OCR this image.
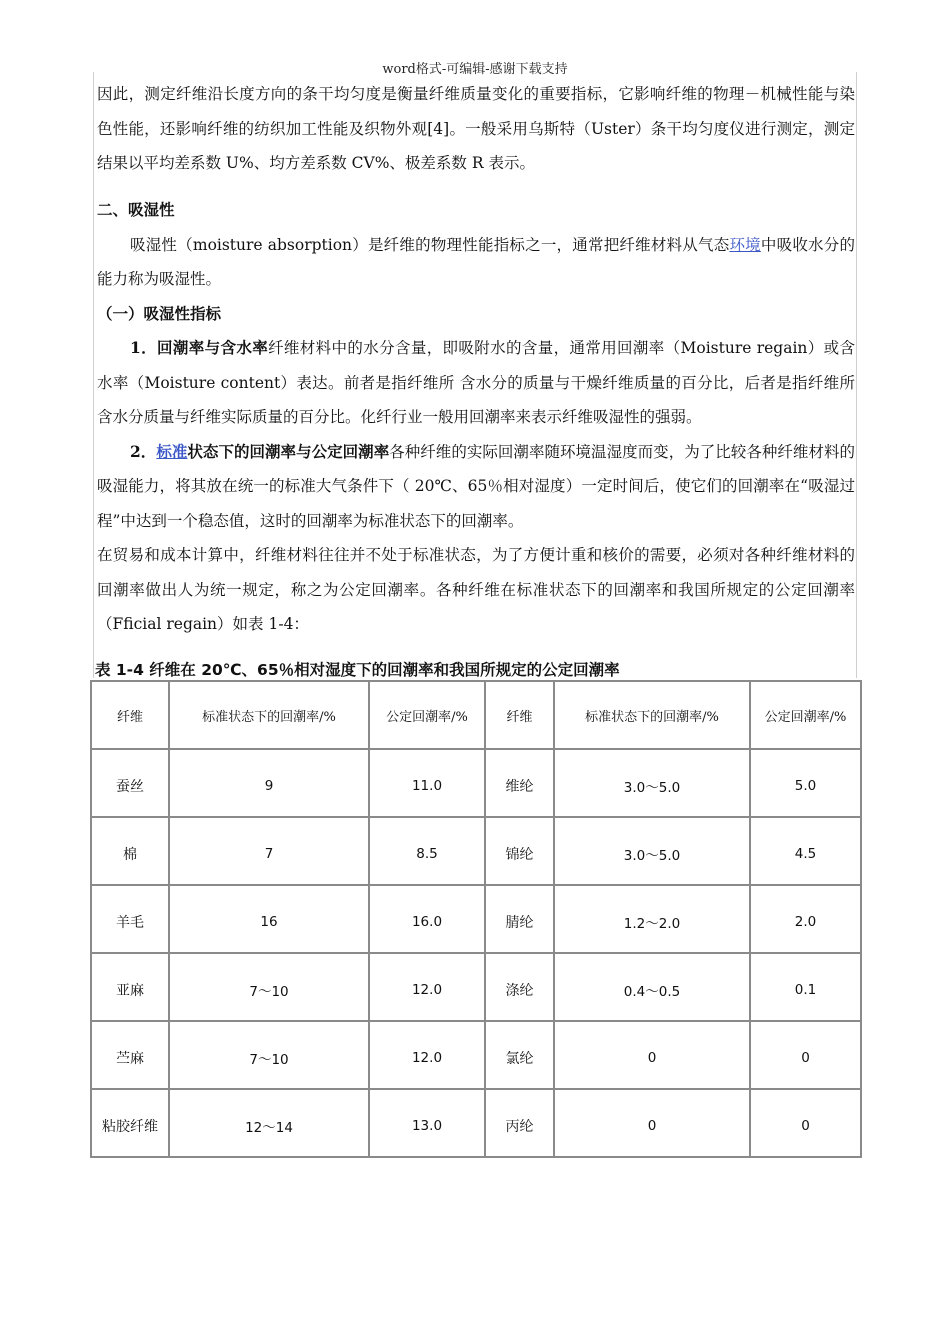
word格式-可编辑-感谢下载支持

因此，测定纤维沿长度方向的条干均匀度是衡量纤维质量变化的重要指标，它影响纤维的物理－机械性能与染色性能，还影响纤维的纺织加工性能及织物外观[4]。一般采用乌斯特（Uster）条干均匀度仪进行测定，测定结果以平均差系数 U%、均方差系数 CV%、极差系数 R 表示。

二、吸湿性

吸湿性（moisture absorption）是纤维的物理性能指标之一，通常把纤维材料从气态环境中吸收水分的能力称为吸湿性。

（一）吸湿性指标

1．回潮率与含水率纤维材料中的水分含量，即吸附水的含量，通常用回潮率（Moisture regain）或含水率（Moisture content）表达。前者是指纤维所 含水分的质量与干燥纤维质量的百分比，后者是指纤维所含水分质量与纤维实际质量的百分比。化纤行业一般用回潮率来表示纤维吸湿性的强弱。

2．标准状态下的回潮率与公定回潮率各种纤维的实际回潮率随环境温湿度而变，为了比较各种纤维材料的吸湿能力，将其放在统一的标准大气条件下（ 20℃、65％相对湿度）一定时间后，使它们的回潮率在“吸湿过程”中达到一个稳态值，这时的回潮率为标准状态下的回潮率。

在贸易和成本计算中，纤维材料往往并不处于标准状态，为了方便计重和核价的需要，必须对各种纤维材料的回潮率做出人为统一规定，称之为公定回潮率。各种纤维在标准状态下的回潮率和我国所规定的公定回潮率（Fficial regain）如表 1-4：

表 1-4 纤维在 20℃、65％相对湿度下的回潮率和我国所规定的公定回潮率
纤维	标准状态下的回潮率/%	公定回潮率/%	纤维	标准状态下的回潮率/%	公定回潮率/%
蚕丝	9	11.0	维纶	3.0～5.0	5.0
棉	7	8.5	锦纶	3.0～5.0	4.5
羊毛	16	16.0	腈纶	1.2～2.0	2.0
亚麻	7～10	12.0	涤纶	0.4～0.5	0.1
苎麻	7～10	12.0	氯纶	0	0
粘胶纤维	12～14	13.0	丙纶	0	0
